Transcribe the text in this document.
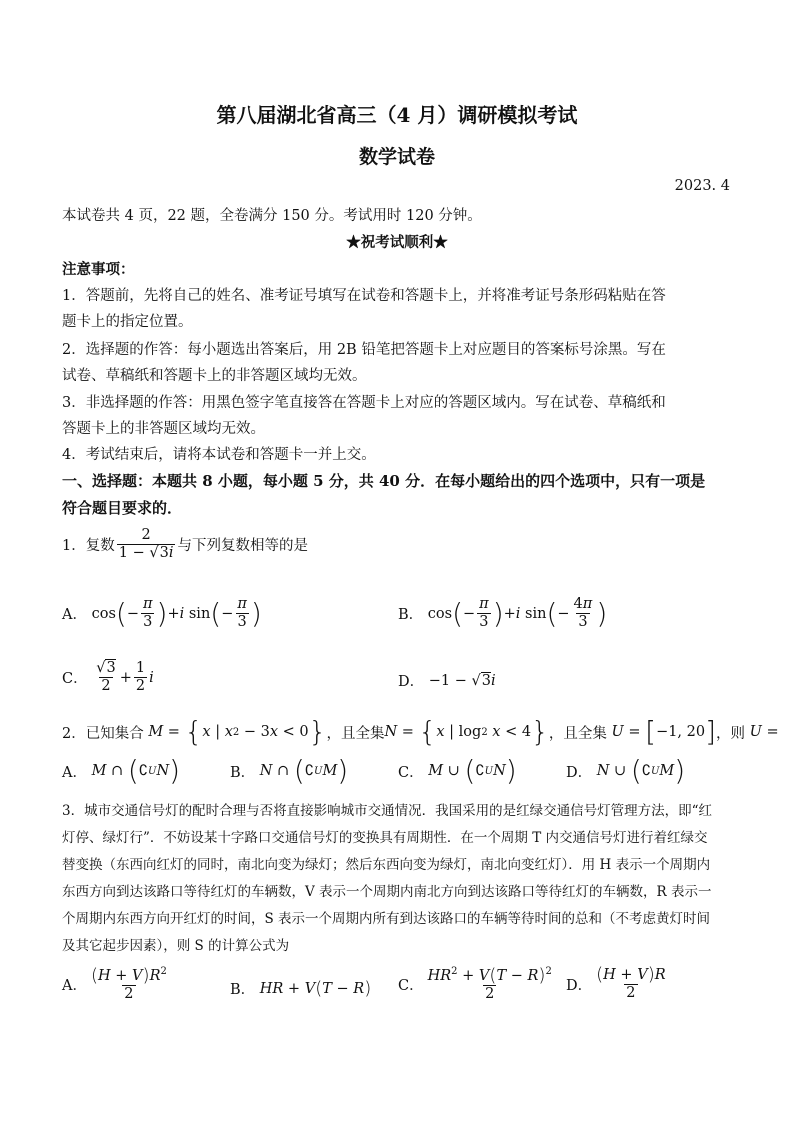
第八届湖北省高三（4 月）调研模拟考试
数学试卷
2023. 4
本试卷共 4 页，22 题，全卷满分 150 分。考试用时 120 分钟。
★祝考试顺利★
注意事项：
1．答题前，先将自己的姓名、准考证号填写在试卷和答题卡上，并将准考证号条形码粘贴在答
题卡上的指定位置。
2．选择题的作答：每小题选出答案后，用 2B 铅笔把答题卡上对应题目的答案标号涂黑。写在
试卷、草稿纸和答题卡上的非答题区域均无效。
3．非选择题的作答：用黑色签字笔直接答在答题卡上对应的答题区域内。写在试卷、草稿纸和
答题卡上的非答题区域均无效。
4．考试结束后，请将本试卷和答题卡一并上交。
一、选择题：本题共 8 小题，每小题 5 分，共 40 分．在每小题给出的四个选项中，只有一项是
符合题目要求的．
1．复数 $\frac{2}{1 - √3i}$ 与下列复数相等的是
A． cos ( − $\frac{\pi}{3}$ ) + i sin ( − $\frac{\pi}{3}$ )	B． cos ( − $\frac{\pi}{3}$ ) + i sin ( − $\frac{4\pi}{3}$ )
C．
$\frac{√3}{2} + \frac{1}{2}$ i	D． −1 − √3i
2．已知集合 M = { x | x 2 − 3 x < 0 } ，且全集 N = { x | log 2 x < 4 } ，且全集 U = [ −1, 20 ] ，则 U =
A． M ∩ ( ∁ U N )	B． N ∩ ( ∁ U M )	C． M ∪ ( ∁ U N )	D． N ∪ ( ∁ U M )
3．城市交通信号灯的配时合理与否将直接影响城市交通情况．我国采用的是红绿交通信号灯管理方法，即“红
灯停、绿灯行”．不妨设某十字路口交通信号灯的变换具有周期性．在一个周期 T 内交通信号灯进行着红绿交
替变换（东西向红灯的同时，南北向变为绿灯；然后东西向变为绿灯，南北向变红灯）．用 H 表示一个周期内
东西方向到达该路口等待红灯的车辆数，V 表示一个周期内南北方向到达该路口等待红灯的车辆数，R 表示一
个周期内东西方向开红灯的时间，S 表示一个周期内所有到达该路口的车辆等待时间的总和（不考虑黄灯时间
及其它起步因素），则 S 的计算公式为
A． $\frac{(H + V)R^2}{2}$	B． HR + V ( T − R ) C． $\frac{HR^2 + V(T - R)^2}{2}$ D． $\frac{(H + V)R}{2}$
